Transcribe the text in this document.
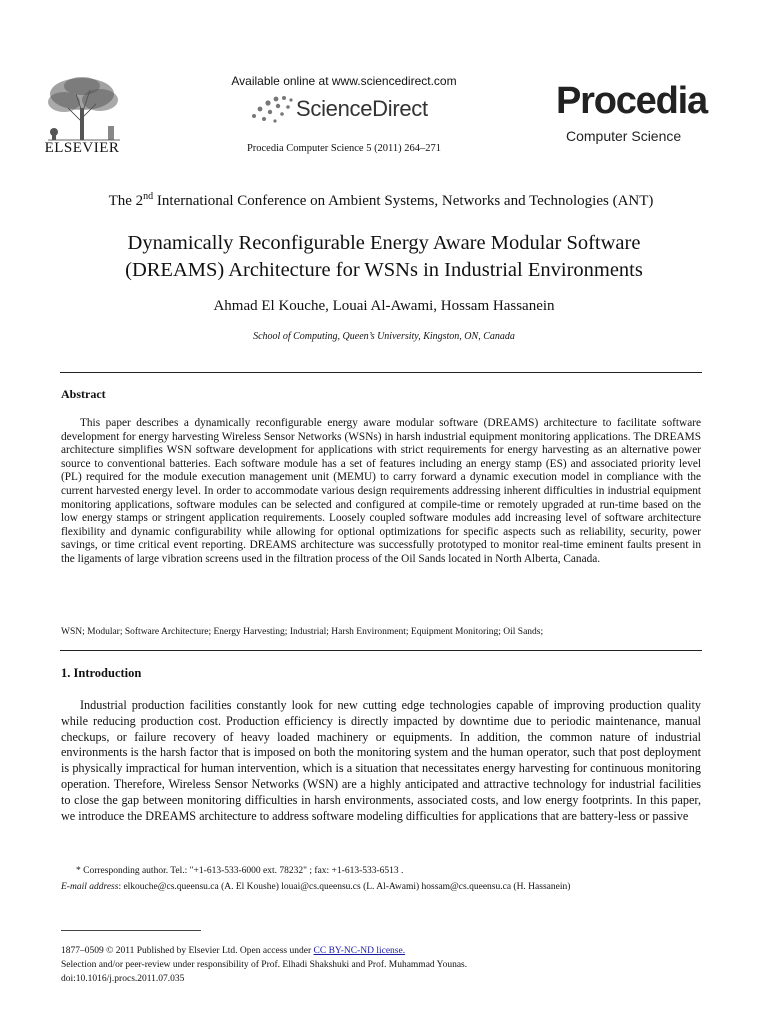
ELSEVIER
Available online at www.sciencedirect.com
ScienceDirect
Procedia Computer Science 5 (2011) 264–271
Procedia
Computer Science
The 2nd International Conference on Ambient Systems, Networks and Technologies (ANT)
Dynamically Reconfigurable Energy Aware Modular Software
(DREAMS) Architecture for WSNs in Industrial Environments
Ahmad El Kouche, Louai Al-Awami, Hossam Hassanein
School of Computing, Queen’s University, Kingston, ON, Canada
Abstract
This paper describes a dynamically reconfigurable energy aware modular software (DREAMS) architecture to facilitate software development for energy harvesting Wireless Sensor Networks (WSNs) in harsh industrial equipment monitoring applications. The DREAMS architecture simplifies WSN software development for applications with strict requirements for energy harvesting as an alternative power source to conventional batteries. Each software module has a set of features including an energy stamp (ES) and associated priority level (PL) required for the module execution management unit (MEMU) to carry forward a dynamic execution model in compliance with the current harvested energy level. In order to accommodate various design requirements addressing inherent difficulties in industrial equipment monitoring applications, software modules can be selected and configured at compile-time or remotely upgraded at run-time based on the low energy stamps or stringent application requirements. Loosely coupled software modules add increasing level of software architecture flexibility and dynamic configurability while allowing for optional optimizations for specific aspects such as reliability, security, power savings, or time critical event reporting. DREAMS architecture was successfully prototyped to monitor real-time eminent faults present in the ligaments of large vibration screens used in the filtration process of the Oil Sands located in North Alberta, Canada.
WSN; Modular; Software Architecture; Energy Harvesting; Industrial; Harsh Environment; Equipment Monitoring; Oil Sands;
1. Introduction
Industrial production facilities constantly look for new cutting edge technologies capable of improving production quality while reducing production cost. Production efficiency is directly impacted by downtime due to periodic maintenance, manual checkups, or failure recovery of heavy loaded machinery or equipments. In addition, the common nature of industrial environments is the harsh factor that is imposed on both the monitoring system and the human operator, such that post deployment is physically impractical for human intervention, which is a situation that necessitates energy harvesting for continuous monitoring operation. Therefore, Wireless Sensor Networks (WSN) are a highly anticipated and attractive technology for industrial facilities to close the gap between monitoring difficulties in harsh environments, associated costs, and low energy footprints. In this paper, we introduce the DREAMS architecture to address software modeling difficulties for applications that are battery-less or passive
* Corresponding author. Tel.: "+1-613-533-6000 ext. 78232" ; fax: +1-613-533-6513 .
E-mail address: elkouche@cs.queensu.ca (A. El Koushe) louai@cs.queensu.cs (L. Al-Awami) hossam@cs.queensu.ca (H. Hassanein)
1877–0509 © 2011 Published by Elsevier Ltd. Open access under CC BY-NC-ND license.
Selection and/or peer-review under responsibility of Prof. Elhadi Shakshuki and Prof. Muhammad Younas.
doi:10.1016/j.procs.2011.07.035
